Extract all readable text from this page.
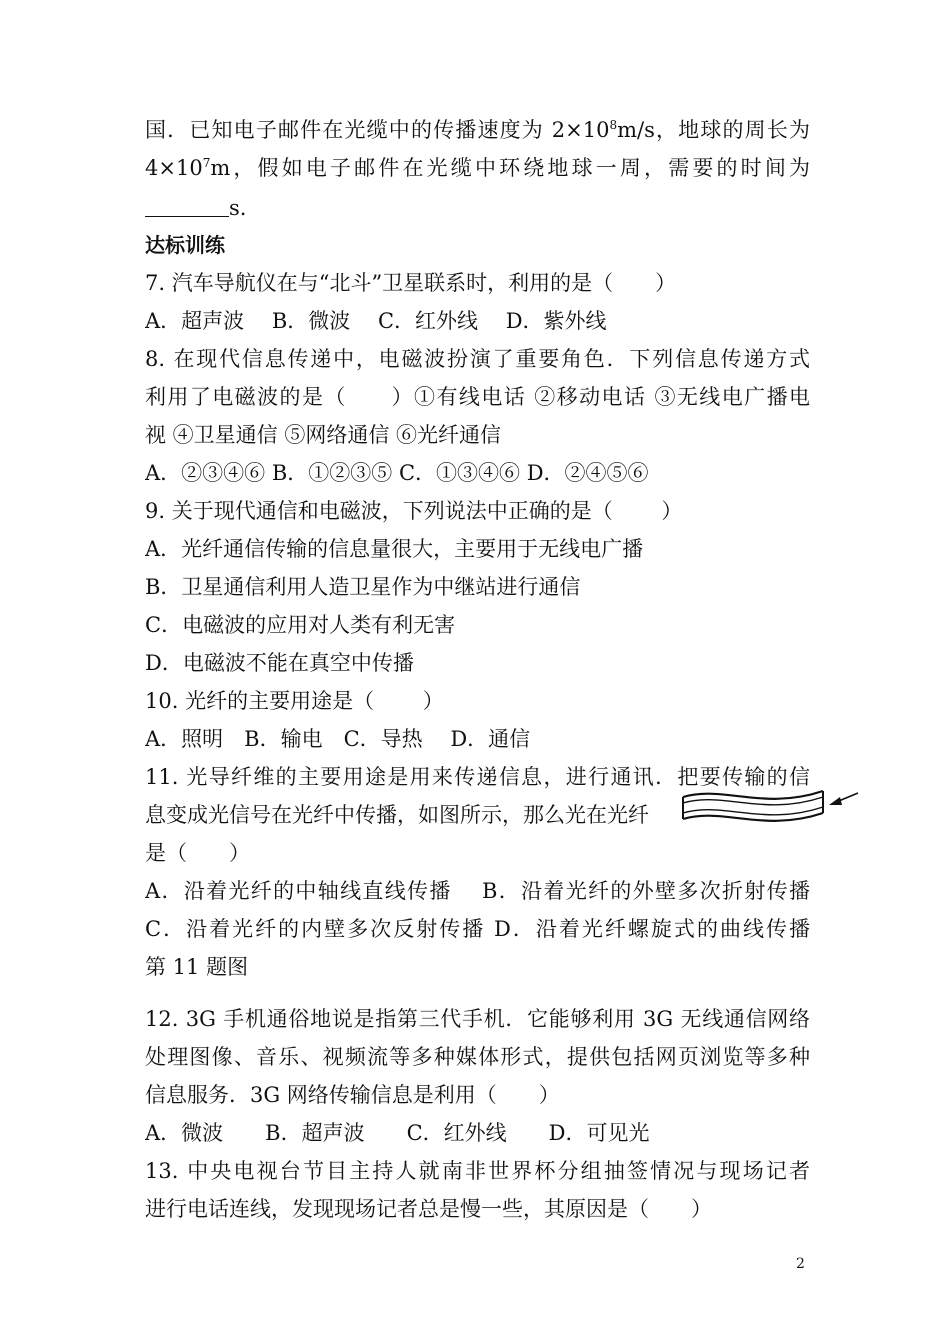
国．已知电子邮件在光缆中的传播速度为 $2\times 10^8m/s$，地球的周长为
$4\times 10^7m$，假如电子邮件在光缆中环绕地球一周，需要的时间为
s.
达标训练
7. 汽车导航仪在与“北斗”卫星联系时，利用的是（　　）
A．超声波　 B．微波　 C．红外线　 D．紫外线
8. 在现代信息传递中，电磁波扮演了重要角色．下列信息传递方式
利用了电磁波的是（　　）①有线电话 ②移动电话 ③无线电广播电
视 ④卫星通信 ⑤网络通信 ⑥光纤通信
A．②③④⑥ B．①②③⑤ C．①③④⑥ D．②④⑤⑥
9. 关于现代通信和电磁波，下列说法中正确的是（　　 ）
A．光纤通信传输的信息量很大，主要用于无线电广播
B．卫星通信利用人造卫星作为中继站进行通信
C．电磁波的应用对人类有利无害
D．电磁波不能在真空中传播
10. 光纤的主要用途是（　　 ）
A．照明　B．输电　C．导热　 D．通信
11. 光导纤维的主要用途是用来传递信息，进行通讯．把要传输的信
息变成光信号在光纤中传播，如图所示，那么光在光纤
是（　　）
A．沿着光纤的中轴线直线传播　 B．沿着光纤的外壁多次折射传播
C．沿着光纤的内壁多次反射传播 D．沿着光纤螺旋式的曲线传播
第 11 题图
12. 3G 手机通俗地说是指第三代手机．它能够利用 3G 无线通信网络
处理图像、音乐、视频流等多种媒体形式，提供包括网页浏览等多种
信息服务．3G 网络传输信息是利用（　　）
A．微波　　B．超声波　　C．红外线　　D．可见光
13. 中央电视台节目主持人就南非世界杯分组抽签情况与现场记者
进行电话连线，发现现场记者总是慢一些，其原因是（　　）
2
